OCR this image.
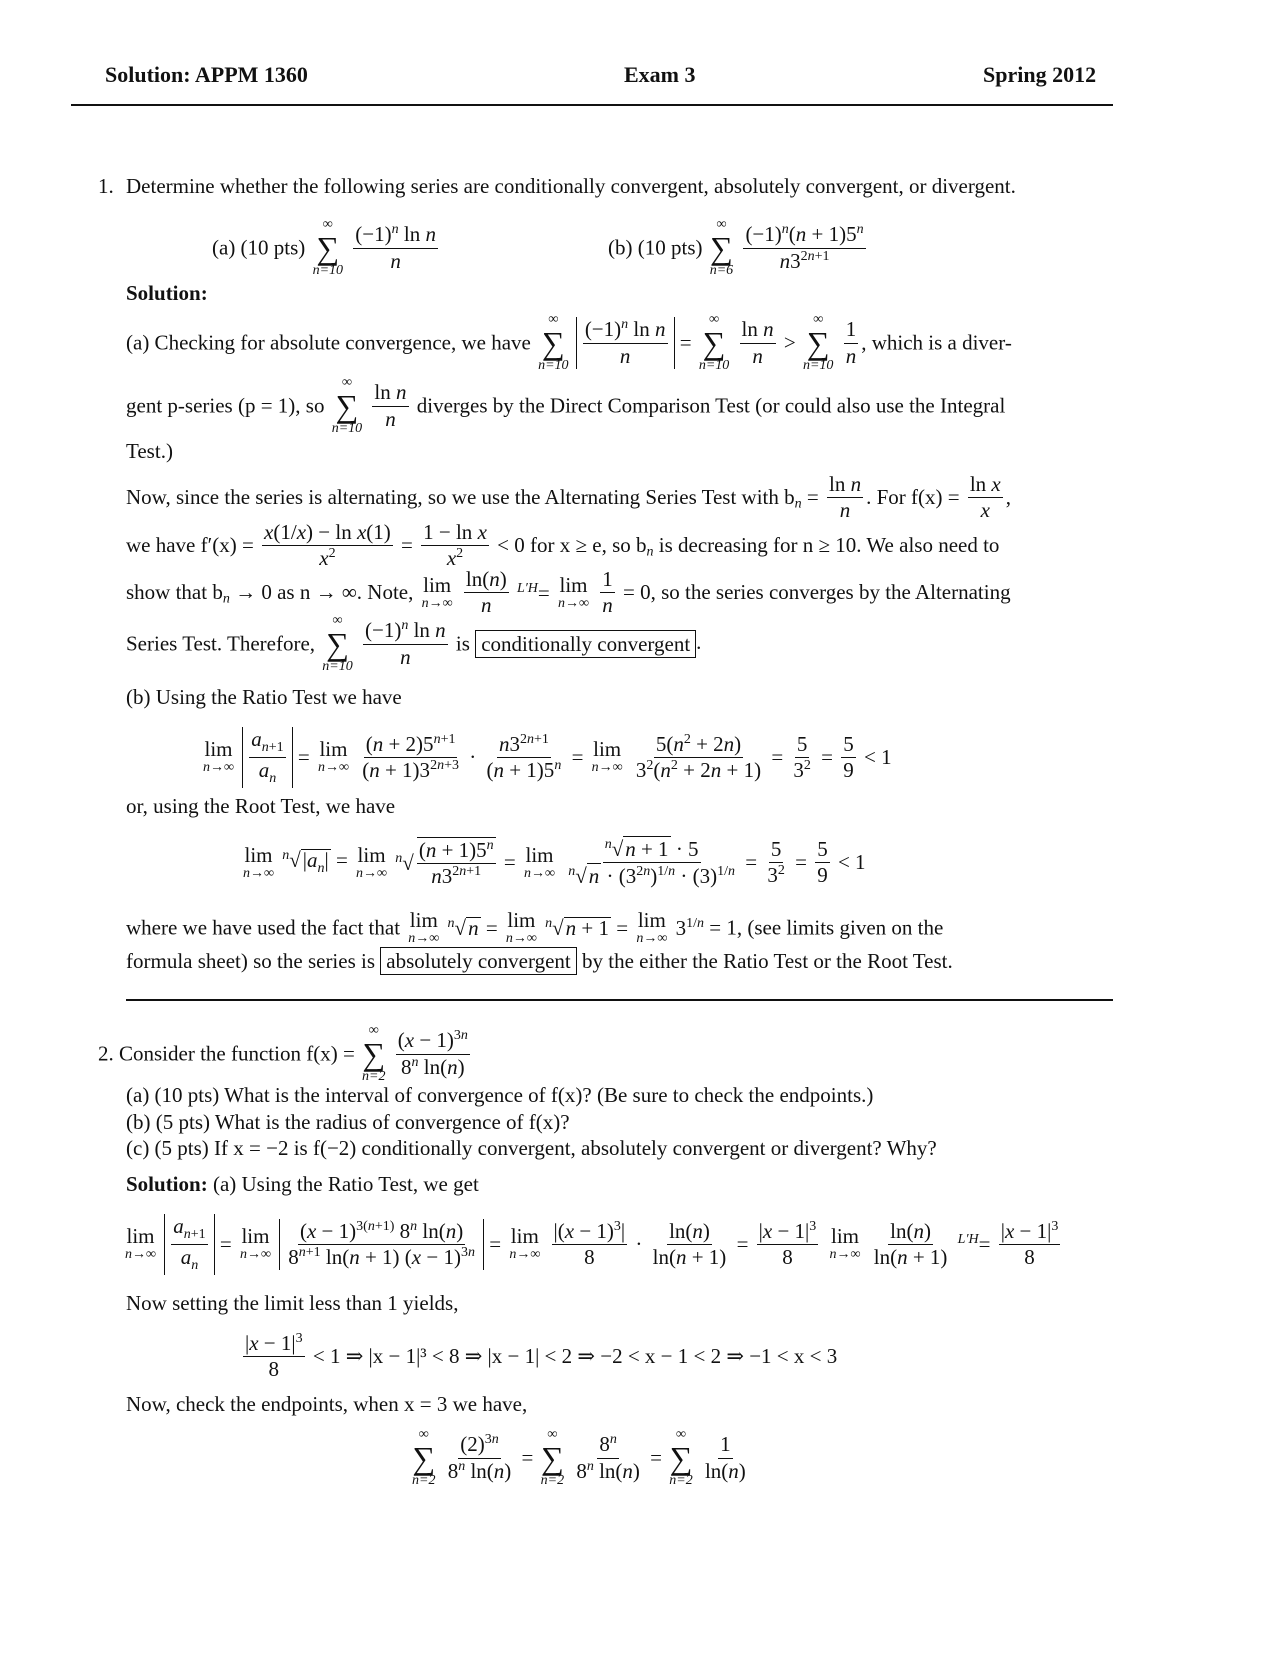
Solution: APPM 1360	Exam 3	Spring 2012
1. Determine whether the following series are conditionally convergent, absolutely convergent, or divergent.
(a) (10 pts)
∞
∑
n=10
$\frac{(-1)^n \ln n}{n}$	(b) (10 pts)
∞
∑
n=6
$\frac{(-1)^n(n + 1)5^n}{n3^{2n+1}}$
Solution:
(a) Checking for absolute convergence, we have
∞
∑
n=10
$\frac{(-1)^n \ln n}{n}$ =
∞
∑
n=10
$\frac{\text{ln n}}{n}$ >
∞
∑
n=10
$\frac{1}{n}$ , which is a diver-
gent p-series (p = 1), so
∞
∑
n=10
$\frac{\text{ln n}}{n}$ diverges by the Direct Comparison Test (or could also use the Integral
Test.)
Now, since the series is alternating, so we use the Alternating Series Test with $b_n = \frac{\text{ln n}}{n}$ . For $f(x) = \frac{\text{ln x}}{x}$ ,
we have $f'(x) = \frac{\text{x(1/x) − ln x(1)}}{x^2} = \frac{\text{1 − ln x}}{x^2} < 0$ for x ≥ e, so $b_n$ is decreasing for n ≥ 10. We also need to
show that $b_n \to 0$ as n → ∞. Note, lim
n→∞
$\frac{\ln(n)}{n} ^{L'H}= \lim$
n→∞
$\frac{1}{n} = 0$, so the series converges by the Alternating
Series Test. Therefore,
∞
∑
n=10
$\frac{(-1)^n \ln n}{n}$ is conditionally convergent .
(b) Using the Ratio Test we have
lim
n→∞
$\frac{a_{n+1}}{a_n} = \lim$
n→∞
$\frac{(n + 2)5^{n+1}}{(n + 1)3^{2n+3}} \cdot \frac{n3^{2n+1}}{(n + 1)5^n} = \lim$
n→∞
$\frac{5(n^2 + 2n)}{3^2(n^2 + 2n + 1)} = \frac{5}{3^2} = \frac{5}{9} < 1$
or, using the Root Test, we have
lim
n→∞
$^n√|a_n| = \lim$
n→∞
$^n√ \frac{(n + 1)5^n}{n3^{2n+1}} = \lim$
n→∞
$\frac{^n√n + 1 \cdot 5}{^n√n \cdot (3^{2n})^{1/n} \cdot (3)^{1/n}} = \frac{5}{3^2} = \frac{5}{9} < 1$
where we have used the fact that lim
n→∞
$^n$√n = lim
n→∞
$^n$√n + 1 = lim
n→∞ $3^{1/n} = 1$, (see limits given on the
formula sheet) so the series is absolutely convergent by the either the Ratio Test or the Root Test.
2. Consider the function f(x) =
∞
∑
n=2
$\frac{(x - 1)^{3n}}{8^n \ln(n)}$
(a) (10 pts) What is the interval of convergence of f(x)? (Be sure to check the endpoints.)
(b) (5 pts) What is the radius of convergence of f(x)?
(c) (5 pts) If x = −2 is f(−2) conditionally convergent, absolutely convergent or divergent? Why?
Solution: (a) Using the Ratio Test, we get
lim
n→∞
$\frac{a_{n+1}}{a_n} = \lim$
n→∞
$\frac{(x - 1)^{3(n+1)} 8^n \ln(n)}{8^{n+1} \ln(n + 1) (x - 1)^{3n}} = \lim$
n→∞
$\frac{|(x - 1)^3|}{8} \cdot \frac{\ln(n)}{\ln(n + 1)} = \frac{|x - 1|^3}{8}$
lim
n→∞
$\frac{\ln(n)}{\ln(n + 1)} ^{L'H}= \frac{|x - 1|^3}{8}$
Now setting the limit less than 1 yields,
$\frac{|x - 1|^3}{8} < 1$ ⇒ |x − 1|³ < 8 ⇒ |x − 1| < 2 ⇒ −2 < x − 1 < 2 ⇒ −1 < x < 3
Now, check the endpoints, when x = 3 we have,
∞
∑
n=2
$\frac{(2)^{3n}}{8^n \ln(n)}$ =
∞
∑
n=2
$\frac{8^n}{8^n \ln(n)}$ =
∞
∑
n=2
$\frac{1}{\ln(n)}$
